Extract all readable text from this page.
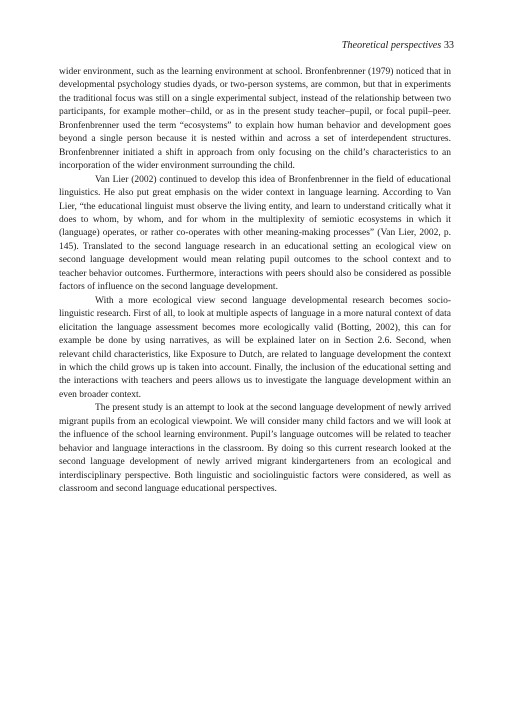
Theoretical perspectives 33

wider environment, such as the learning environment at school. Bronfenbrenner (1979) noticed that in developmental psychology studies dyads, or two-person systems, are common, but that in experiments the traditional focus was still on a single experimental subject, instead of the relationship between two participants, for example mother–child, or as in the present study teacher–pupil, or focal pupil–peer. Bronfenbrenner used the term “ecosystems” to explain how human behavior and development goes beyond a single person because it is nested within and across a set of interdependent structures. Bronfenbrenner initiated a shift in approach from only focusing on the child’s characteristics to an incorporation of the wider environment surrounding the child.

Van Lier (2002) continued to develop this idea of Bronfenbrenner in the field of educational linguistics. He also put great emphasis on the wider context in language learning. According to Van Lier, “the educational linguist must observe the living entity, and learn to understand critically what it does to whom, by whom, and for whom in the multiplexity of semiotic ecosystems in which it (language) operates, or rather co-operates with other meaning-making processes” (Van Lier, 2002, p. 145). Translated to the second language research in an educational setting an ecological view on second language development would mean relating pupil outcomes to the school context and to teacher behavior outcomes. Furthermore, interactions with peers should also be considered as possible factors of influence on the second language development.

With a more ecological view second language developmental research becomes socio-linguistic research. First of all, to look at multiple aspects of language in a more natural context of data elicitation the language assessment becomes more ecologically valid (Botting, 2002), this can for example be done by using narratives, as will be explained later on in Section 2.6. Second, when relevant child characteristics, like Exposure to Dutch, are related to language development the context in which the child grows up is taken into account. Finally, the inclusion of the educational setting and the interactions with teachers and peers allows us to investigate the language development within an even broader context.

The present study is an attempt to look at the second language development of newly arrived migrant pupils from an ecological viewpoint. We will consider many child factors and we will look at the influence of the school learning environment. Pupil’s language outcomes will be related to teacher behavior and language interactions in the classroom. By doing so this current research looked at the second language development of newly arrived migrant kindergarteners from an ecological and interdisciplinary perspective. Both linguistic and sociolinguistic factors were considered, as well as classroom and second language educational perspectives.
